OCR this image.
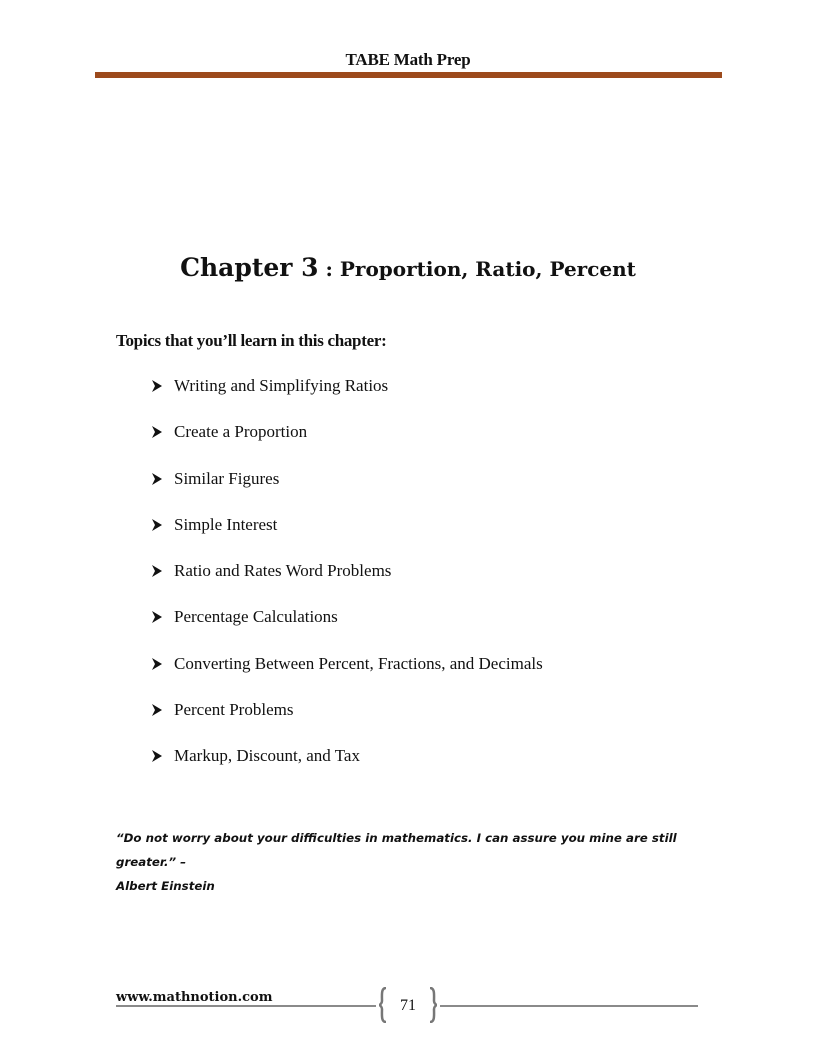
TABE Math Prep
Chapter 3 : Proportion, Ratio, Percent
Topics that you’ll learn in this chapter:
Writing and Simplifying Ratios
Create a Proportion
Similar Figures
Simple Interest
Ratio and Rates Word Problems
Percentage Calculations
Converting Between Percent, Fractions, and Decimals
Percent Problems
Markup, Discount, and Tax
“Do not worry about your difficulties in mathematics. I can assure you mine are still greater.” –
Albert Einstein
www.mathnotion.com	71
